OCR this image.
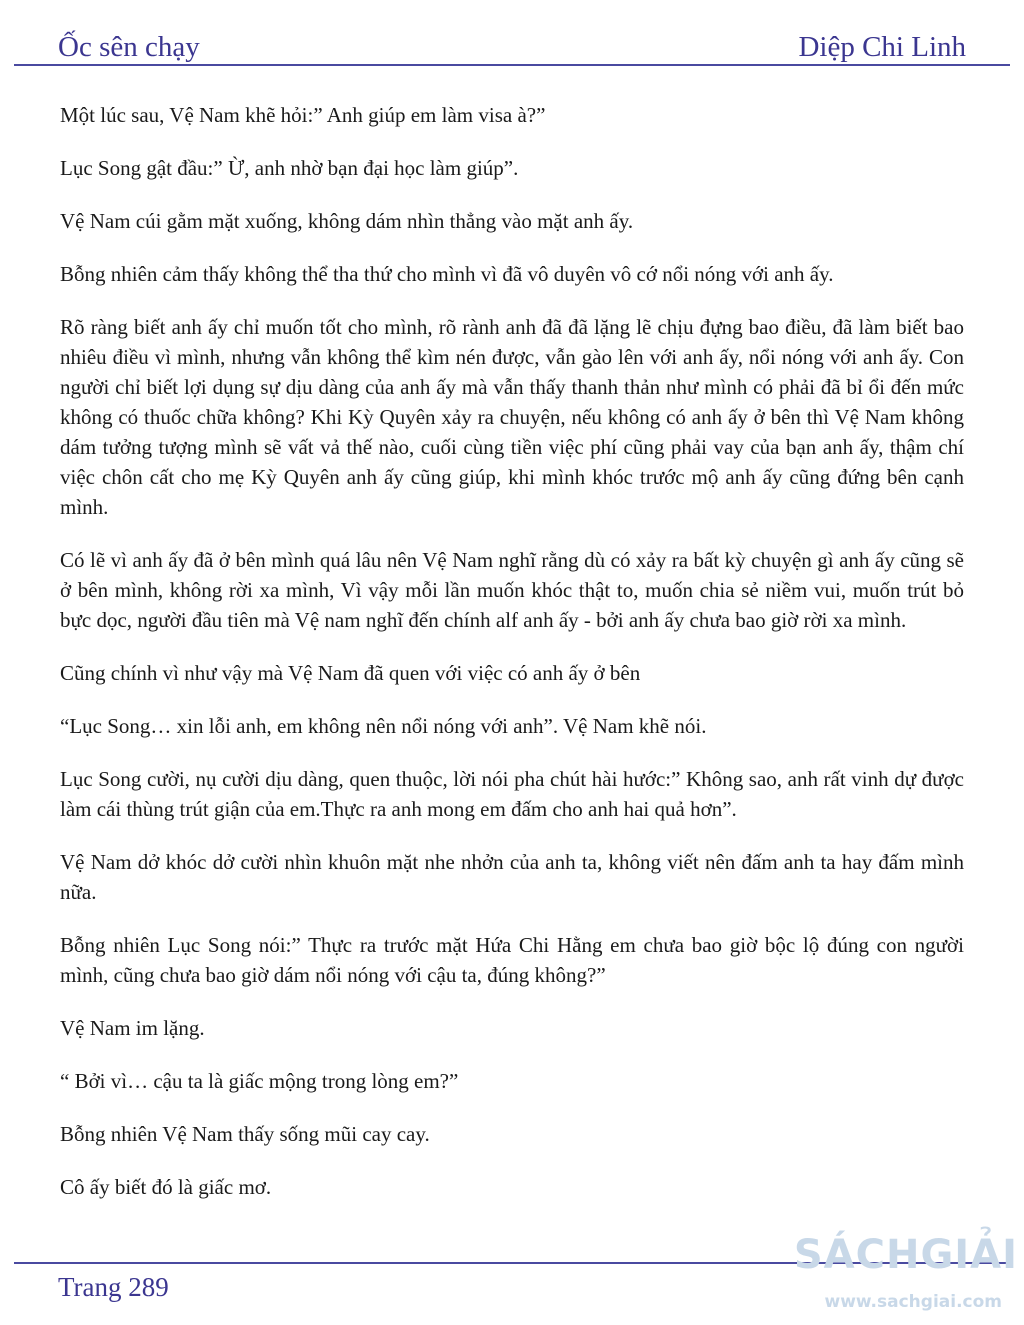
Ốc sên chạy	Diệp Chi Linh

Một lúc sau, Vệ Nam khẽ hỏi:” Anh giúp em làm visa à?”

Lục Song gật đầu:” Ừ, anh nhờ bạn đại học làm giúp”.

Vệ Nam cúi gằm mặt xuống, không dám nhìn thẳng vào mặt anh ấy.

Bỗng nhiên cảm thấy không thể tha thứ cho mình vì đã vô duyên vô cớ nổi nóng với anh ấy.

Rõ ràng biết anh ấy chỉ muốn tốt cho mình, rõ rành anh đã đã lặng lẽ chịu đựng bao điều, đã làm biết bao nhiêu điều vì mình, nhưng vẫn không thể kìm nén được, vẫn gào lên với anh ấy, nổi nóng với anh ấy. Con người chỉ biết lợi dụng sự dịu dàng của anh ấy mà vẫn thấy thanh thản như mình có phải đã bỉ ổi đến mức không có thuốc chữa không? Khi Kỳ Quyên xảy ra chuyện, nếu không có anh ấy ở bên thì Vệ Nam không dám tưởng tượng mình sẽ vất vả thế nào, cuối cùng tiền việc phí cũng phải vay của bạn anh ấy, thậm chí việc chôn cất cho mẹ Kỳ Quyên anh ấy cũng giúp, khi mình khóc trước mộ anh ấy cũng đứng bên cạnh mình.

Có lẽ vì anh ấy đã ở bên mình quá lâu nên Vệ Nam nghĩ rằng dù có xảy ra bất kỳ chuyện gì anh ấy cũng sẽ ở bên mình, không rời xa mình, Vì vậy mỗi lần muốn khóc thật to, muốn chia sẻ niềm vui, muốn trút bỏ bực dọc, người đầu tiên mà Vệ nam nghĩ đến chính alf anh ấy - bởi anh ấy chưa bao giờ rời xa mình.

Cũng chính vì như vậy mà Vệ Nam đã quen với việc có anh ấy ở bên

“Lục Song… xin lỗi anh, em không nên nổi nóng với anh”. Vệ Nam khẽ nói.

Lục Song cười, nụ cười dịu dàng, quen thuộc, lời nói pha chút hài hước:” Không sao, anh rất vinh dự được làm cái thùng trút giận của em.Thực ra anh mong em đấm cho anh hai quả hơn”.

Vệ Nam dở khóc dở cười nhìn khuôn mặt nhe nhởn của anh ta, không viết nên đấm anh ta hay đấm mình nữa.

Bỗng nhiên Lục Song nói:” Thực ra trước mặt Hứa Chi Hằng em chưa bao giờ bộc lộ đúng con người mình, cũng chưa bao giờ dám nổi nóng với cậu ta, đúng không?”

Vệ Nam im lặng.

“ Bởi vì… cậu ta là giấc mộng trong lòng em?”

Bỗng nhiên Vệ Nam thấy sống mũi cay cay.

Cô ấy biết đó là giấc mơ.

Trang 289
SÁCHGIẢI
www.sachgiai.com
